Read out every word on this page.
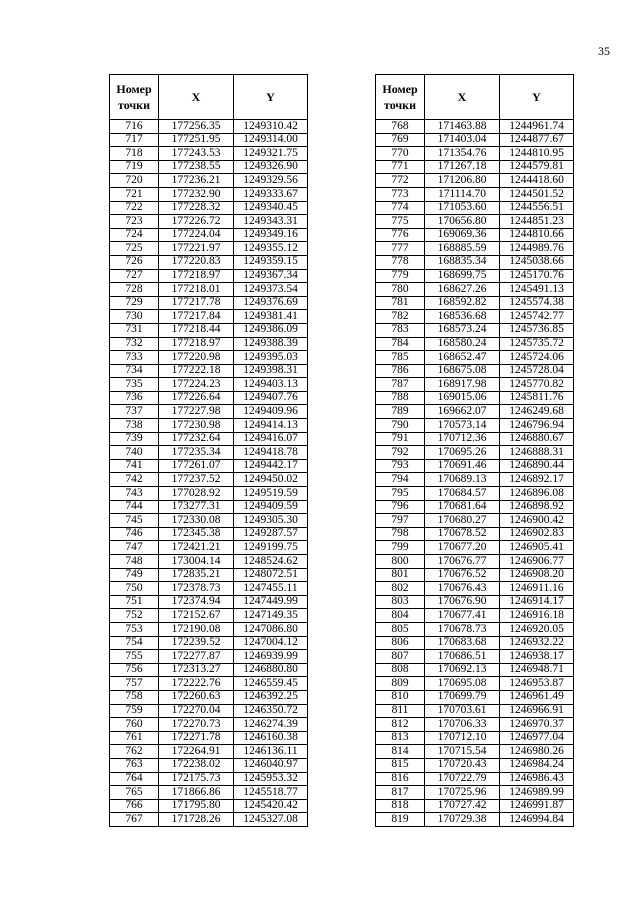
35
Номер
точки	X	Y
716	177256.35	1249310.42
717	177251.95	1249314.00
718	177243.53	1249321.75
719	177238.55	1249326.90
720	177236.21	1249329.56
721	177232.90	1249333.67
722	177228.32	1249340.45
723	177226.72	1249343.31
724	177224.04	1249349.16
725	177221.97	1249355.12
726	177220.83	1249359.15
727	177218.97	1249367.34
728	177218.01	1249373.54
729	177217.78	1249376.69
730	177217.84	1249381.41
731	177218.44	1249386.09
732	177218.97	1249388.39
733	177220.98	1249395.03
734	177222.18	1249398.31
735	177224.23	1249403.13
736	177226.64	1249407.76
737	177227.98	1249409.96
738	177230.98	1249414.13
739	177232.64	1249416.07
740	177235.34	1249418.78
741	177261.07	1249442.17
742	177237.52	1249450.02
743	177028.92	1249519.59
744	173277.31	1249409.59
745	172330.08	1249305.30
746	172345.38	1249287.57
747	172421.21	1249199.75
748	173004.14	1248524.62
749	172835.21	1248072.51
750	172378.73	1247455.11
751	172374.94	1247449.99
752	172152.67	1247149.35
753	172190.08	1247086.80
754	172239.52	1247004.12
755	172277.87	1246939.99
756	172313.27	1246880.80
757	172222.76	1246559.45
758	172260.63	1246392.25
759	172270.04	1246350.72
760	172270.73	1246274.39
761	172271.78	1246160.38
762	172264.91	1246136.11
763	172238.02	1246040.97
764	172175.73	1245953.32
765	171866.86	1245518.77
766	171795.80	1245420.42
767	171728.26	1245327.08
Номер
точки	X	Y
768	171463.88	1244961.74
769	171403.04	1244877.67
770	171354.76	1244810.95
771	171267.18	1244579.81
772	171206.80	1244418.60
773	171114.70	1244501.52
774	171053.60	1244556.51
775	170656.80	1244851.23
776	169069.36	1244810.66
777	168885.59	1244989.76
778	168835.34	1245038.66
779	168699.75	1245170.76
780	168627.26	1245491.13
781	168592.82	1245574.38
782	168536.68	1245742.77
783	168573.24	1245736.85
784	168580.24	1245735.72
785	168652.47	1245724.06
786	168675.08	1245728.04
787	168917.98	1245770.82
788	169015.06	1245811.76
789	169662.07	1246249.68
790	170573.14	1246796.94
791	170712.36	1246880.67
792	170695.26	1246888.31
793	170691.46	1246890.44
794	170689.13	1246892.17
795	170684.57	1246896.08
796	170681.64	1246898.92
797	170680.27	1246900.42
798	170678.52	1246902.83
799	170677.20	1246905.41
800	170676.77	1246906.77
801	170676.52	1246908.20
802	170676.43	1246911.16
803	170676.90	1246914.17
804	170677.41	1246916.18
805	170678.73	1246920.05
806	170683.68	1246932.22
807	170686.51	1246938.17
808	170692.13	1246948.71
809	170695.08	1246953.87
810	170699.79	1246961.49
811	170703.61	1246966.91
812	170706.33	1246970.37
813	170712.10	1246977.04
814	170715.54	1246980.26
815	170720.43	1246984.24
816	170722.79	1246986.43
817	170725.96	1246989.99
818	170727.42	1246991.87
819	170729.38	1246994.84
